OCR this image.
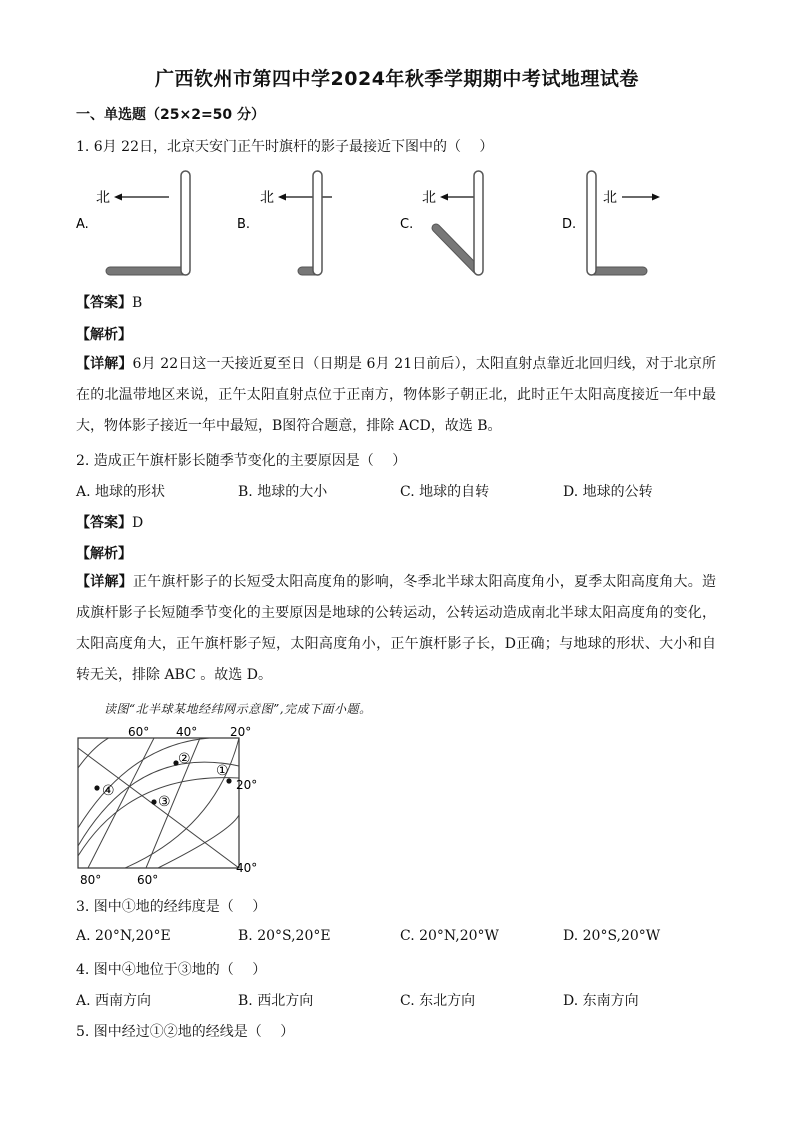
广西钦州市第四中学2024年秋季学期期中考试地理试卷
一、单选题（25×2=50 分）
1. 6月 22日，北京天安门正午时旗杆的影子最接近下图中的（　 ）
A.
北
B.
北
C.
北
D.
北
【答案】B
【解析】
【详解】6月 22日这一天接近夏至日（日期是 6月 21日前后），太阳直射点靠近北回归线，对于北京所在的北温带地区来说，正午太阳直射点位于正南方，物体影子朝正北，此时正午太阳高度接近一年中最大，物体影子接近一年中最短，B图符合题意，排除 ACD，故选 B。
2. 造成正午旗杆影长随季节变化的主要原因是（　 ）
A. 地球的形状	B. 地球的大小	C. 地球的自转	D. 地球的公转
【答案】D
【解析】
【详解】正午旗杆影子的长短受太阳高度角的影响，冬季北半球太阳高度角小，夏季太阳高度角大。造成旗杆影子长短随季节变化的主要原因是地球的公转运动，公转运动造成南北半球太阳高度角的变化，太阳高度角大，正午旗杆影子短，太阳高度角小，正午旗杆影子长，D正确；与地球的形状、大小和自转无关，排除 ABC 。故选 D。
读图“北半球某地经纬网示意图”,完成下面小题。
60° 40°	20°
20°
40°
80°	60°
①
②
③
④
3. 图中①地的经纬度是（　 ）
A. 20°N,20°E	B. 20°S,20°E	C. 20°N,20°W	D. 20°S,20°W
4. 图中④地位于③地的（　 ）
A. 西南方向	B. 西北方向	C. 东北方向	D. 东南方向
5. 图中经过①②地的经线是（　 ）
